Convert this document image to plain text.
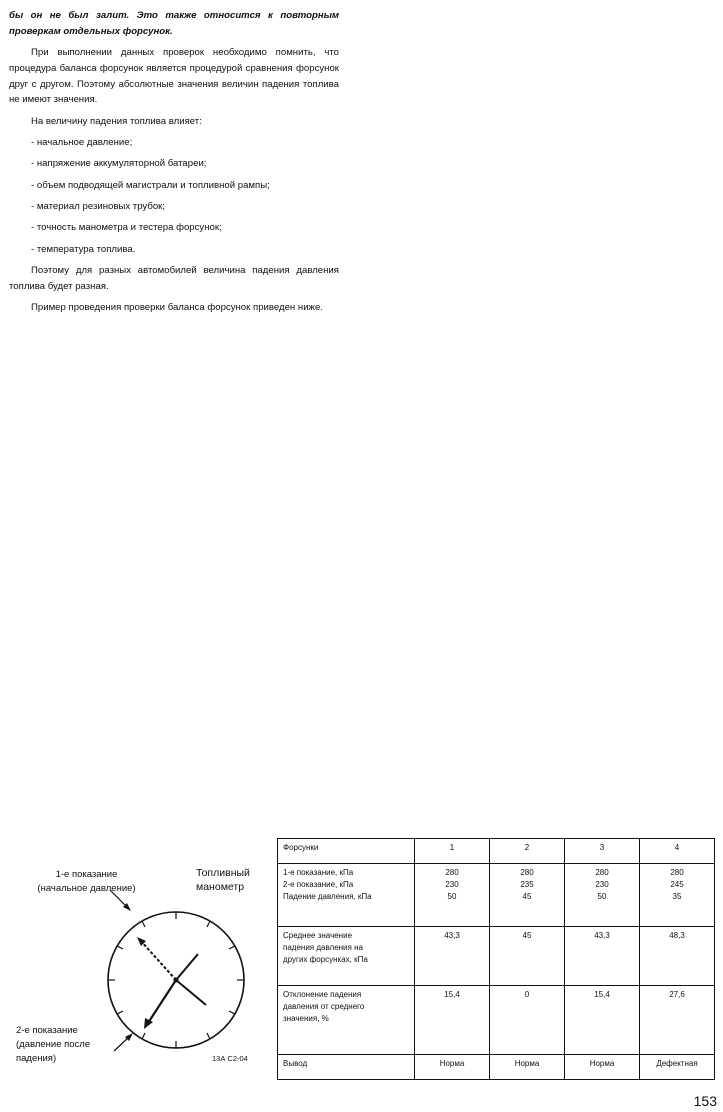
бы он не был залит. Это также относится к повторным проверкам отдельных форсунок.

При выполнении данных проверок необходимо помнить, что процедура баланса форсунок является процедурой сравнения форсунок друг с другом. Поэтому абсолютные значения величин падения топлива не имеют значения.

На величину падения топлива влияет:

- начальное давление;

- напряжение аккумуляторной батареи;

- объем подводящей магистрали и топливной рампы;

- материал резиновых трубок;

- точность манометра и тестера форсунок;

- температура топлива.

Поэтому для разных автомобилей величина падения давления топлива будет разная.

Пример проведения проверки баланса форсунок приведен ниже.

1-е показание
(начальное давление)
Топливный
манометр
2-е показание
(давление после
падения)	13А С2-04
Форсунки	1	2	3	4

1-е показание, кПа
2-е показание, кПа
Падение давления, кПа	280
230
50	280
235
45	280
230
50	280
245
35

Среднее значение
падения давления на
других форсунках, кПа	43,3	45	43,3	48,3

Отклонение падения
давления от среднего
значения, %	15,4	0	15,4	27,6
Вывод	Норма	Норма	Норма	Дефектная
153
